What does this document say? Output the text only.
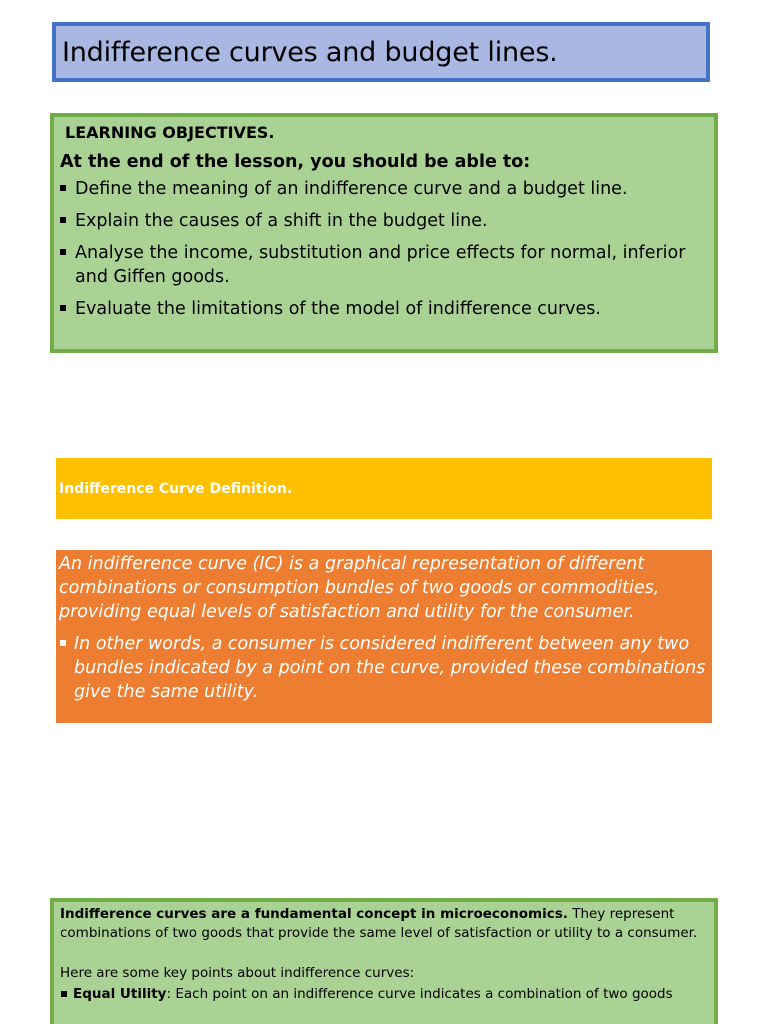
Indifference curves and budget lines.
LEARNING OBJECTIVES.
At the end of the lesson, you should be able to:
Define the meaning of an indifference curve and a budget line.
Explain the causes of a shift in the budget line.
Analyse the income, substitution and price effects for normal, inferior and Giffen goods.
Evaluate the limitations of the model of indifference curves.
Indifference Curve Definition.

An indifference curve (IC) is a graphical representation of different combinations or consumption bundles of two goods or commodities, providing equal levels of satisfaction and utility for the consumer.

In other words, a consumer is considered indifferent between any two bundles indicated by a point on the curve, provided these combinations give the same utility.

Indifference curves are a fundamental concept in microeconomics. They represent combinations of two goods that provide the same level of satisfaction or utility to a consumer.

Here are some key points about indifference curves:

Equal Utility: Each point on an indifference curve indicates a combination of two goods
